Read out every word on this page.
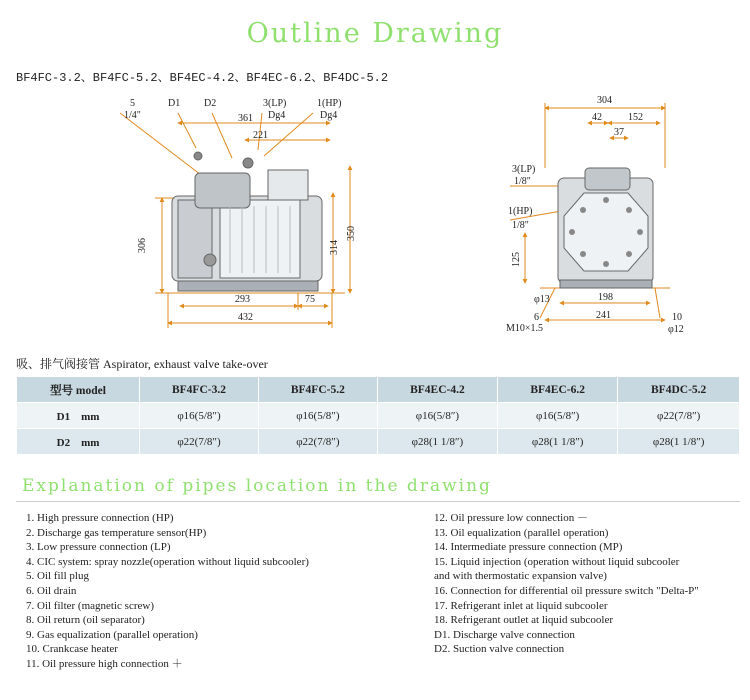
Outline Drawing
BF4FC-3.2、BF4FC-5.2、BF4EC-4.2、BF4EC-6.2、BF4DC-5.2
5
1/4"
D1 D2	3(LP)
Dg4
1(HP)
Dg4
361
221
306	314
350
293	75
432
304
42	152
37
3(LP)
1/8"
1(HP)
1/8"
125
φ13	198
6
M10×1.5
241	10
φ12
吸、排气阀接管 Aspirator, exhaust valve take-over
型号 model	BF4FC-3.2	BF4FC-5.2	BF4EC-4.2	BF4EC-6.2	BF4DC-5.2
D1　mm	φ16(5/8″)	φ16(5/8″)	φ16(5/8″)	φ16(5/8″)	φ22(7/8″)
D2　mm	φ22(7/8″)	φ22(7/8″)	φ28(1 1/8″)	φ28(1 1/8″)	φ28(1 1/8″)
Explanation of pipes location in the drawing
1. High pressure connection (HP)
2. Discharge gas temperature sensor(HP)
3. Low pressure connection (LP)
4. CIC system: spray nozzle(operation without liquid subcooler)
5. Oil fill plug
6. Oil drain
7. Oil filter (magnetic screw)
8. Oil return (oil separator)
9. Gas equalization (parallel operation)
10. Crankcase heater
11. Oil pressure high connection ＋
12. Oil pressure low connection －
13. Oil equalization (parallel operation)
14. Intermediate pressure connection (MP)
15. Liquid injection (operation without liquid subcooler
and with thermostatic expansion valve)
16. Connection for differential oil pressure switch "Delta-P"
17. Refrigerant inlet at liquid subcooler
18. Refrigerant outlet at liquid subcooler
D1. Discharge valve connection
D2. Suction valve connection
